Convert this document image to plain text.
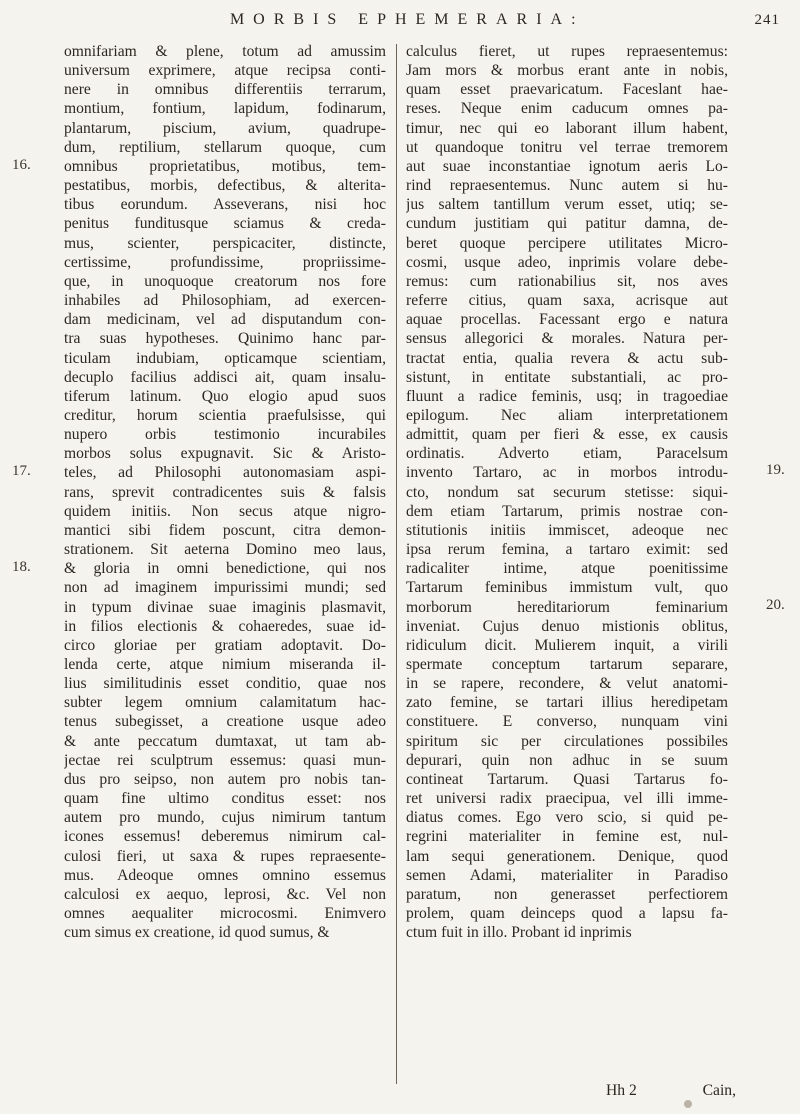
MORBIS EPHEMERARIA:	241
omnifariam & plene, totum ad amussim
universum exprimere, atque recipsa conti-
nere in omnibus differentiis terrarum,
montium, fontium, lapidum, fodinarum,
plantarum, piscium, avium, quadrupe-
dum, reptilium, stellarum quoque, cum
omnibus proprietatibus, motibus, tem-
pestatibus, morbis, defectibus, & alterita-
tibus eorundum. Asseverans, nisi hoc
penitus funditusque sciamus & creda-
mus, scienter, perspicaciter, distincte,
certissime, profundissime, propriissime-
que, in unoquoque creatorum nos fore
inhabiles ad Philosophiam, ad exercen-
dam medicinam, vel ad disputandum con-
tra suas hypotheses. Quinimo hanc par-
ticulam indubiam, opticamque scientiam,
decuplo facilius addisci ait, quam insalu-
tiferum latinum. Quo elogio apud suos
creditur, horum scientia praefulsisse, qui
nupero orbis testimonio incurabiles
morbos solus expugnavit. Sic & Aristo-
teles, ad Philosophi autonomasiam aspi-
rans, sprevit contradicentes suis & falsis
quidem initiis. Non secus atque nigro-
mantici sibi fidem poscunt, citra demon-
strationem. Sit aeterna Domino meo laus,
& gloria in omni benedictione, qui nos
non ad imaginem impurissimi mundi; sed
in typum divinae suae imaginis plasmavit,
in filios electionis & cohaeredes, suae id-
circo gloriae per gratiam adoptavit. Do-
lenda certe, atque nimium miseranda il-
lius similitudinis esset conditio, quae nos
subter legem omnium calamitatum hac-
tenus subegisset, a creatione usque adeo
& ante peccatum dumtaxat, ut tam ab-
jectae rei sculptrum essemus: quasi mun-
dus pro seipso, non autem pro nobis tan-
quam fine ultimo conditus esset: nos
autem pro mundo, cujus nimirum tantum
icones essemus! deberemus nimirum cal-
culosi fieri, ut saxa & rupes repraesente-
mus. Adeoque omnes omnino essemus
calculosi ex aequo, leprosi, &c. Vel non
omnes aequaliter microcosmi. Enimvero
cum simus ex creatione, id quod sumus, &
calculus fieret, ut rupes repraesentemus:
Jam mors & morbus erant ante in nobis,
quam esset praevaricatum. Faceslant hae-
reses. Neque enim caducum omnes pa-
timur, nec qui eo laborant illum habent,
ut quandoque tonitru vel terrae tremorem
aut suae inconstantiae ignotum aeris Lo-
rind repraesentemus. Nunc autem si hu-
jus saltem tantillum verum esset, utiq; se-
cundum justitiam qui patitur damna, de-
beret quoque percipere utilitates Micro-
cosmi, usque adeo, inprimis volare debe-
remus: cum rationabilius sit, nos aves
referre citius, quam saxa, acrisque aut
aquae procellas. Facessant ergo e natura
sensus allegorici & morales. Natura per-
tractat entia, qualia revera & actu sub-
sistunt, in entitate substantiali, ac pro-
fluunt a radice feminis, usq; in tragoediae
epilogum. Nec aliam interpretationem
admittit, quam per fieri & esse, ex causis
ordinatis. Adverto etiam, Paracelsum
invento Tartaro, ac in morbos introdu-
cto, nondum sat securum stetisse: siqui-
dem etiam Tartarum, primis nostrae con-
stitutionis initiis immiscet, adeoque nec
ipsa rerum femina, a tartaro eximit: sed
radicaliter intime, atque poenitissime
Tartarum feminibus immistum vult, quo
morborum hereditariorum feminarium
inveniat. Cujus denuo mistionis oblitus,
ridiculum dicit. Mulierem inquit, a virili
spermate conceptum tartarum separare,
in se rapere, recondere, & velut anatomi-
zato femine, se tartari illius heredipetam
constituere. E converso, nunquam vini
spiritum sic per circulationes possibiles
depurari, quin non adhuc in se suum
contineat Tartarum. Quasi Tartarus fo-
ret universi radix praecipua, vel illi imme-
diatus comes. Ego vero scio, si quid pe-
regrini materialiter in femine est, nul-
lam sequi generationem. Denique, quod
semen Adami, materialiter in Paradiso
paratum, non generasset perfectiorem
prolem, quam deinceps quod a lapsu fa-
ctum fuit in illo. Probant id inprimis
16.
17.
18.
19.
20.
Hh 2	Cain,
